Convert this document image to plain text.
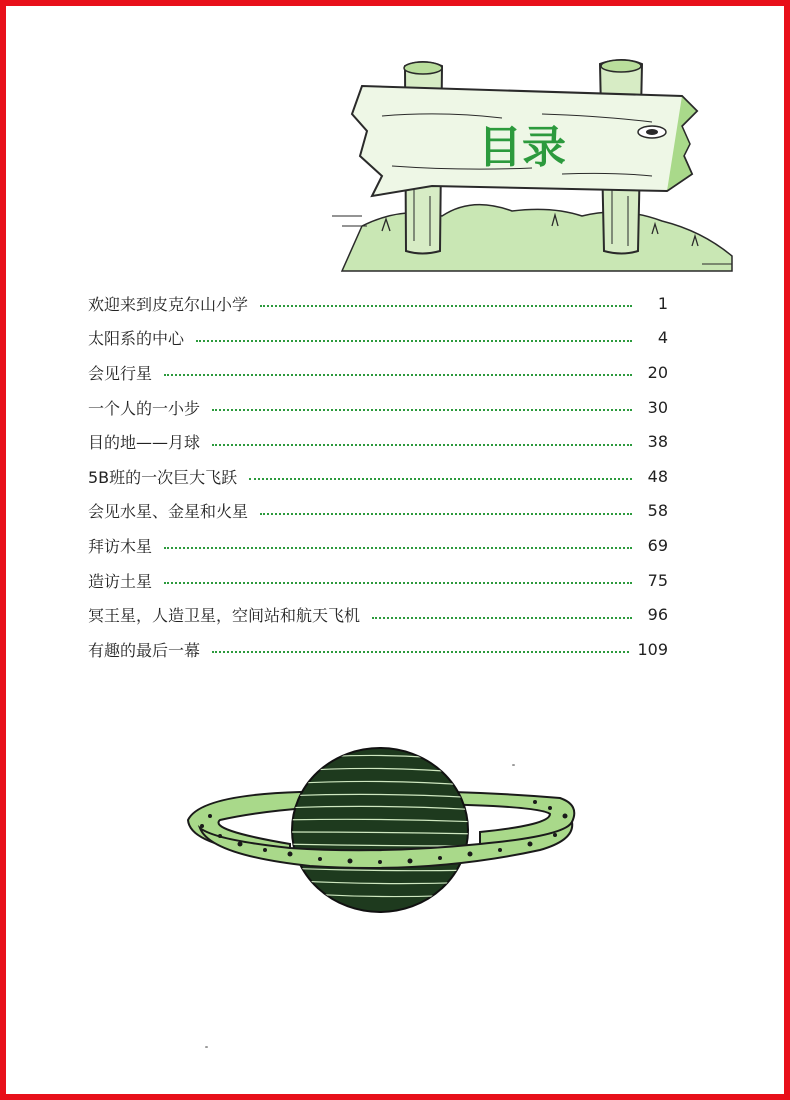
目录
欢迎来到皮克尔山小学	1
太阳系的中心	4
会见行星	20
一个人的一小步	30
目的地——月球	38
5B班的一次巨大飞跃	48
会见水星、金星和火星	58
拜访木星	69
造访土星	75
冥王星，人造卫星，空间站和航天飞机	96
有趣的最后一幕	109
